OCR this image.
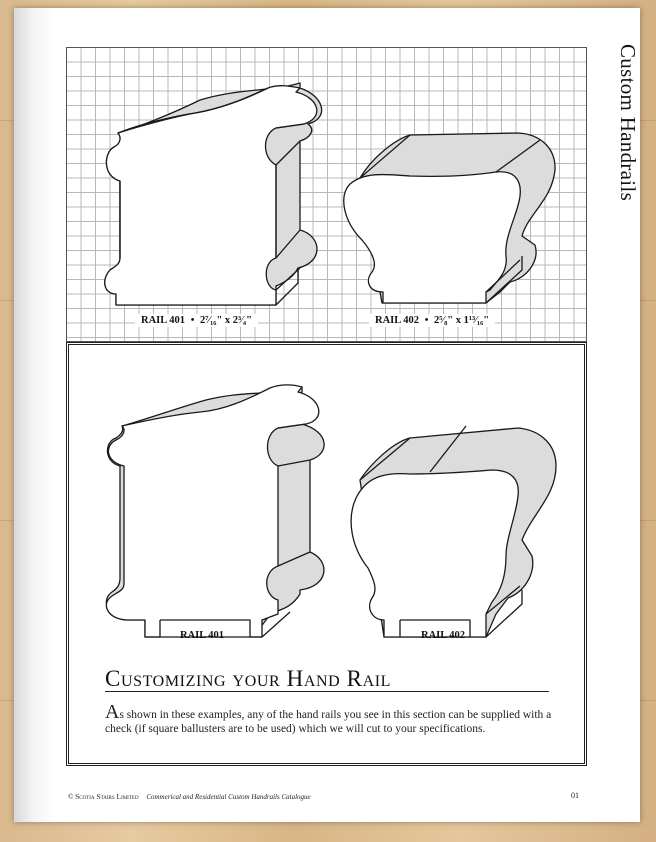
Custom Handrails
RAIL 401 • 2⁷⁄₁₆" x 2³⁄₄"	RAIL 402 • 2⁵⁄₈" x 1¹³⁄₁₆"
RAIL 401	RAIL 402
Customizing your Hand Rail
As shown in these examples, any of the hand rails you see in this section can be supplied with a check (if square ballusters are to be used) which we will cut to your specifications.
© Scotia Stairs Limited Commerical and Residential Custom Handrails Catalogue	01
